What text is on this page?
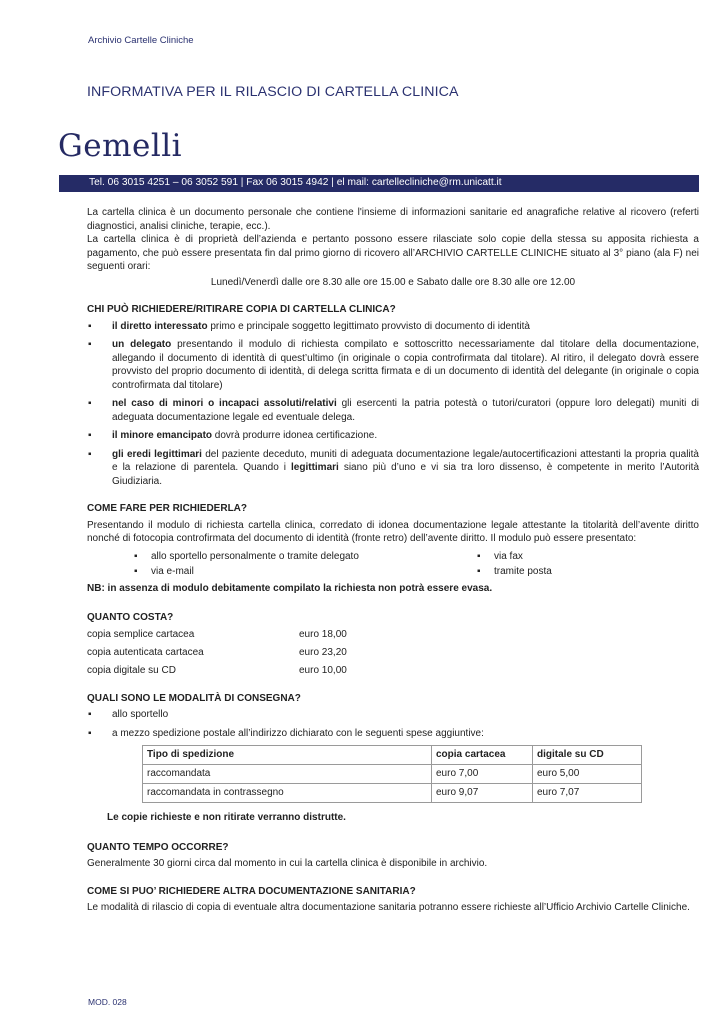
Archivio Cartelle Cliniche
INFORMATIVA PER IL RILASCIO DI CARTELLA CLINICA
Gemelli
Tel. 06 3015 4251 – 06 3052 591 | Fax 06 3015 4942 | el mail: cartellecliniche@rm.unicatt.it

La cartella clinica è un documento personale che contiene l'insieme di informazioni sanitarie ed anagrafiche relative al ricovero (referti diagnostici, analisi cliniche, terapie, ecc.).

La cartella clinica è di proprietà dell’azienda e pertanto possono essere rilasciate solo copie della stessa su apposita richiesta a pagamento, che può essere presentata fin dal primo giorno di ricovero all’ARCHIVIO CARTELLE CLINICHE situato al 3° piano (ala F) nei seguenti orari:

Lunedì/Venerdì dalle ore 8.30 alle ore 15.00 e Sabato dalle ore 8.30 alle ore 12.00

CHI PUÒ RICHIEDERE/RITIRARE COPIA DI CARTELLA CLINICA?
▪ il diretto interessato primo e principale soggetto legittimato provvisto di documento di identità
▪ un delegato presentando il modulo di richiesta compilato e sottoscritto necessariamente dal titolare della documentazione, allegando il documento di identità di quest’ultimo (in originale o copia controfirmata dal titolare). Al ritiro, il delegato dovrà essere provvisto del proprio documento di identità, di delega scritta firmata e di un documento di identità del delegante (in originale o copia controfirmata dal titolare)
▪ nel caso di minori o incapaci assoluti/relativi gli esercenti la patria potestà o tutori/curatori (oppure loro delegati) muniti di adeguata documentazione legale ed eventuale delega.
▪ il minore emancipato dovrà produrre idonea certificazione.
▪ gli eredi legittimari del paziente deceduto, muniti di adeguata documentazione legale/autocertificazioni attestanti la propria qualità e la relazione di parentela. Quando i legittimari siano più d’uno e vi sia tra loro dissenso, è competente in merito l’Autorità Giudiziaria.
COME FARE PER RICHIEDERLA?

Presentando il modulo di richiesta cartella clinica, corredato di idonea documentazione legale attestante la titolarità dell’avente diritto nonché di fotocopia controfirmata del documento di identità (fronte retro) dell’avente diritto. Il modulo può essere presentato:

▪ allo sportello personalmente o tramite delegato	▪ via fax
▪ via e-mail	▪ tramite posta

NB: in assenza di modulo debitamente compilato la richiesta non potrà essere evasa.

QUANTO COSTA?
copia semplice cartacea	euro 18,00
copia autenticata cartacea	euro 23,20
copia digitale su CD	euro 10,00
QUALI SONO LE MODALITÀ DI CONSEGNA?
▪ allo sportello
▪ a mezzo spedizione postale all’indirizzo dichiarato con le seguenti spese aggiuntive:
Tipo di spedizione	copia cartacea	digitale su CD
raccomandata	euro 7,00	euro 5,00
raccomandata in contrassegno	euro 9,07	euro 7,07

Le copie richieste e non ritirate verranno distrutte.

QUANTO TEMPO OCCORRE?

Generalmente 30 giorni circa dal momento in cui la cartella clinica è disponibile in archivio.

COME SI PUO’ RICHIEDERE ALTRA DOCUMENTAZIONE SANITARIA?

Le modalità di rilascio di copia di eventuale altra documentazione sanitaria potranno essere richieste all’Ufficio Archivio Cartelle Cliniche.

MOD. 028
